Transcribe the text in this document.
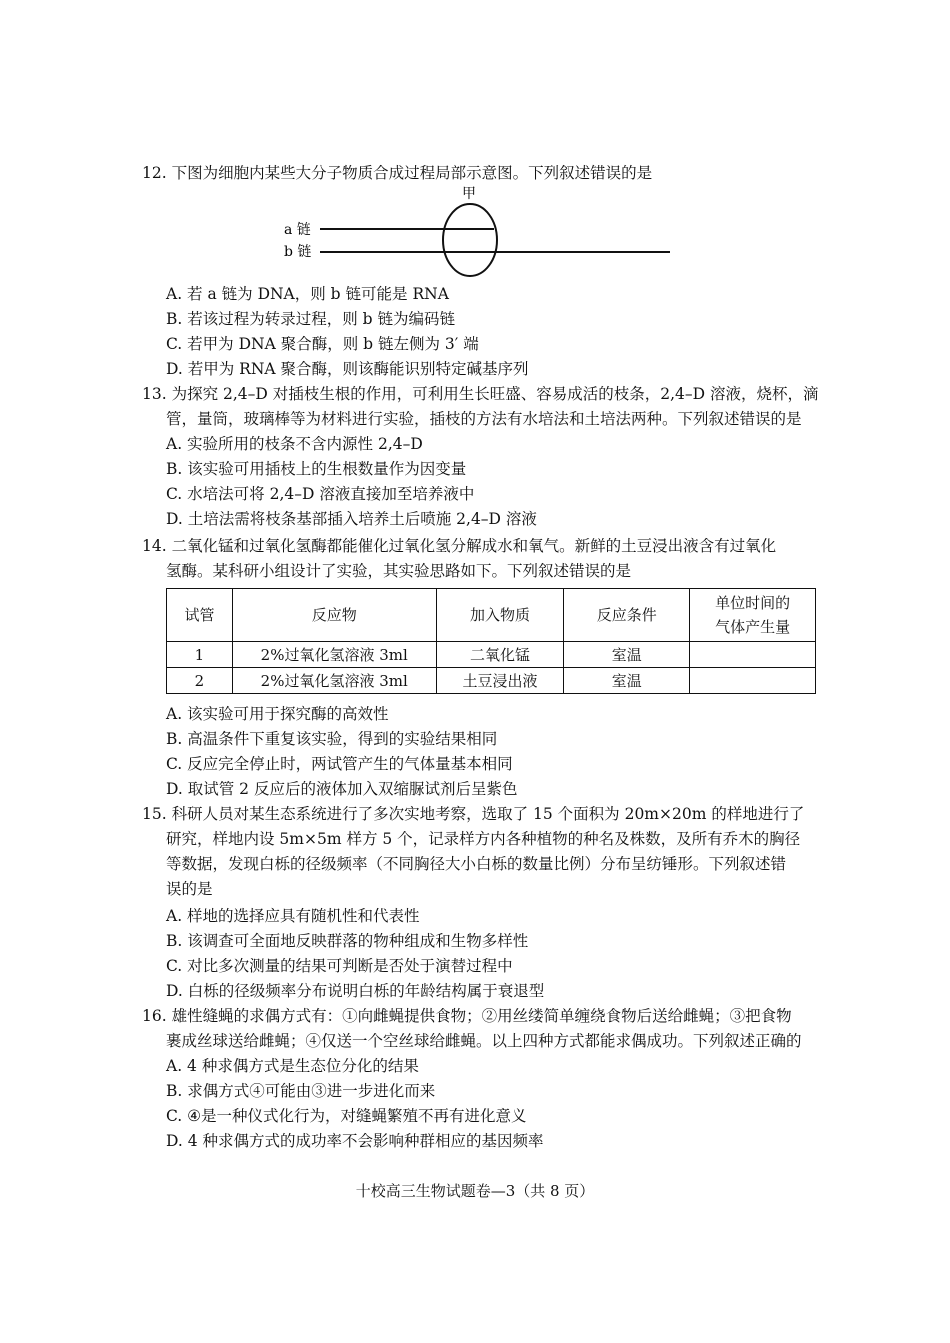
12. 下图为细胞内某些大分子物质合成过程局部示意图。下列叙述错误的是
甲
a 链
b 链
A. 若 a 链为 DNA，则 b 链可能是 RNA
B. 若该过程为转录过程，则 b 链为编码链
C. 若甲为 DNA 聚合酶，则 b 链左侧为 3′ 端
D. 若甲为 RNA 聚合酶，则该酶能识别特定碱基序列
13. 为探究 2,4–D 对插枝生根的作用，可利用生长旺盛、容易成活的枝条，2,4–D 溶液，烧杯，滴
管，量筒，玻璃棒等为材料进行实验，插枝的方法有水培法和土培法两种。下列叙述错误的是
A. 实验所用的枝条不含内源性 2,4–D
B. 该实验可用插枝上的生根数量作为因变量
C. 水培法可将 2,4–D 溶液直接加至培养液中
D. 土培法需将枝条基部插入培养土后喷施 2,4–D 溶液
14. 二氧化锰和过氧化氢酶都能催化过氧化氢分解成水和氧气。新鲜的土豆浸出液含有过氧化
氢酶。某科研小组设计了实验，其实验思路如下。下列叙述错误的是
试管	反应物	加入物质	反应条件	单位时间的
气体产生量

1	2%过氧化氢溶液 3ml	二氧化锰	室温	
2	2%过氧化氢溶液 3ml	土豆浸出液	室温	
A. 该实验可用于探究酶的高效性
B. 高温条件下重复该实验，得到的实验结果相同
C. 反应完全停止时，两试管产生的气体量基本相同
D. 取试管 2 反应后的液体加入双缩脲试剂后呈紫色
15. 科研人员对某生态系统进行了多次实地考察，选取了 15 个面积为 20m×20m 的样地进行了
研究，样地内设 5m×5m 样方 5 个，记录样方内各种植物的种名及株数，及所有乔木的胸径
等数据，发现白栎的径级频率（不同胸径大小白栎的数量比例）分布呈纺锤形。下列叙述错
误的是
A. 样地的选择应具有随机性和代表性
B. 该调查可全面地反映群落的物种组成和生物多样性
C. 对比多次测量的结果可判断是否处于演替过程中
D. 白栎的径级频率分布说明白栎的年龄结构属于衰退型
16. 雄性缝蝇的求偶方式有：①向雌蝇提供食物；②用丝缕简单缠绕食物后送给雌蝇；③把食物
裹成丝球送给雌蝇；④仅送一个空丝球给雌蝇。以上四种方式都能求偶成功。下列叙述正确的
A. 4 种求偶方式是生态位分化的结果
B. 求偶方式④可能由③进一步进化而来
C. ④是一种仪式化行为，对缝蝇繁殖不再有进化意义
D. 4 种求偶方式的成功率不会影响种群相应的基因频率
十校高三生物试题卷—3（共 8 页）
